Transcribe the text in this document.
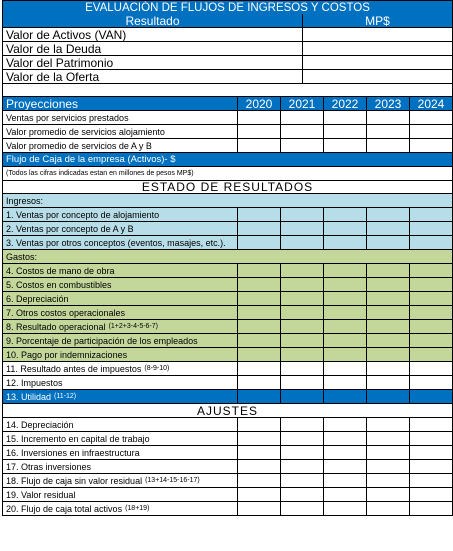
EVALUACIÓN DE FLUJOS DE INGRESOS Y COSTOS
Resultado	MP$
Valor de Activos (VAN)
Valor de la Deuda
Valor del Patrimonio
Valor de la Oferta
Proyecciones	2020	2021	2022	2023	2024
Ventas por servicios prestados
Valor promedio de servicios alojamiento
Valor promedio de servicios de A y B
Flujo de Caja de la empresa (Activos)- $
(Todos las cifras indicadas estan en millones de pesos MP$)
ESTADO DE RESULTADOS
Ingresos:
1. Ventas por concepto de alojamiento
2. Ventas por concepto de A y B
3. Ventas por otros conceptos (eventos, masajes, etc.).
Gastos:
4. Costos de mano de obra
5. Costos en combustibles
6. Depreciación
7. Otros costos operacionales
8. Resultado operacional (1+2+3-4-5-6-7)
9. Porcentaje de participación de los empleados
10. Pago por indemnizaciones
11. Resultado antes de impuestos (8-9-10)
12. Impuestos
13. Utilidad (11-12)
AJUSTES
14. Depreciación
15. Incremento en capital de trabajo
16. Inversiones en infraestructura
17. Otras inversiones
18. Flujo de caja sin valor residual (13+14-15-16-17)
19. Valor residual
20. Flujo de caja total activos (18+19)
